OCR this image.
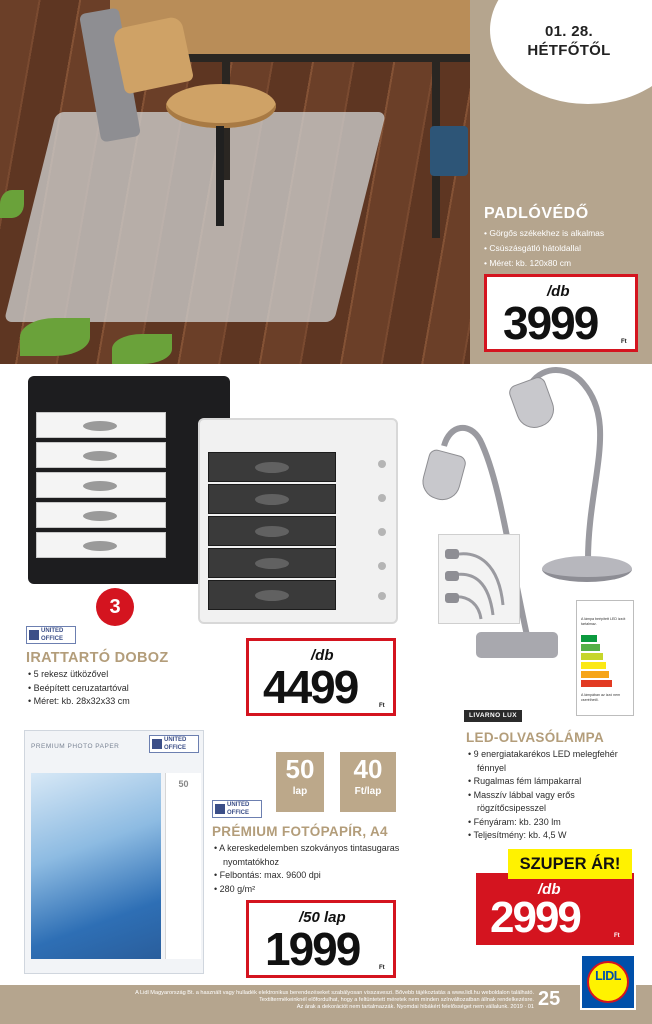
01. 28.
HÉTFŐTŐL
PADLÓVÉDŐ
• Görgős székekhez is alkalmas
• Csúszásgátló hátoldallal
• Méret: kb. 120x80 cm
/db
3999	Ft
3
UNITED
OFFICE
IRATTARTÓ DOBOZ
• 5 rekesz ütközővel
• Beépített ceruzatartóval
• Méret: kb. 28x32x33 cm
/db
4499	Ft
A lámpa beépített LED izzót tartalmaz.
A lámpában az izzó nem cserélhető.
LIVARNO LUX
LED-OLVASÓLÁMPA
• 9 energiatakarékos LED melegfehér fénnyel
• Rugalmas fém lámpakarral
• Masszív lábbal vagy erős rögzítőcsipesszel
• Fényáram: kb. 230 lm
• Teljesítmény: kb. 4,5 W
/db
2999	Ft
SZUPER ÁR!
PREMIUM PHOTO PAPER
UNITED
OFFICE
50	50
lap
40
Ft/lap
UNITED
OFFICE
PRÉMIUM FOTÓPAPÍR, A4
• A kereskedelemben szokványos tintasugaras nyomtatókhoz
• Felbontás: max. 9600 dpi
• 280 g/m²
/50 lap
1999	Ft
A Lidl Magyarország Bt. a használt vagy hulladék elektronikus berendezéseket szabályosan visszaveszi. Bővebb tájékoztatás a www.lidl.hu weboldalon található.
Textiltermékeinknél előfordulhat, hogy a feltüntetett méretek nem minden színváltozatban állnak rendelkezésre.
Az árak a dekorációt nem tartalmazzák. Nyomdai hibákért felelősséget nem vállalunk. 2019 · 01 25
LIDL
